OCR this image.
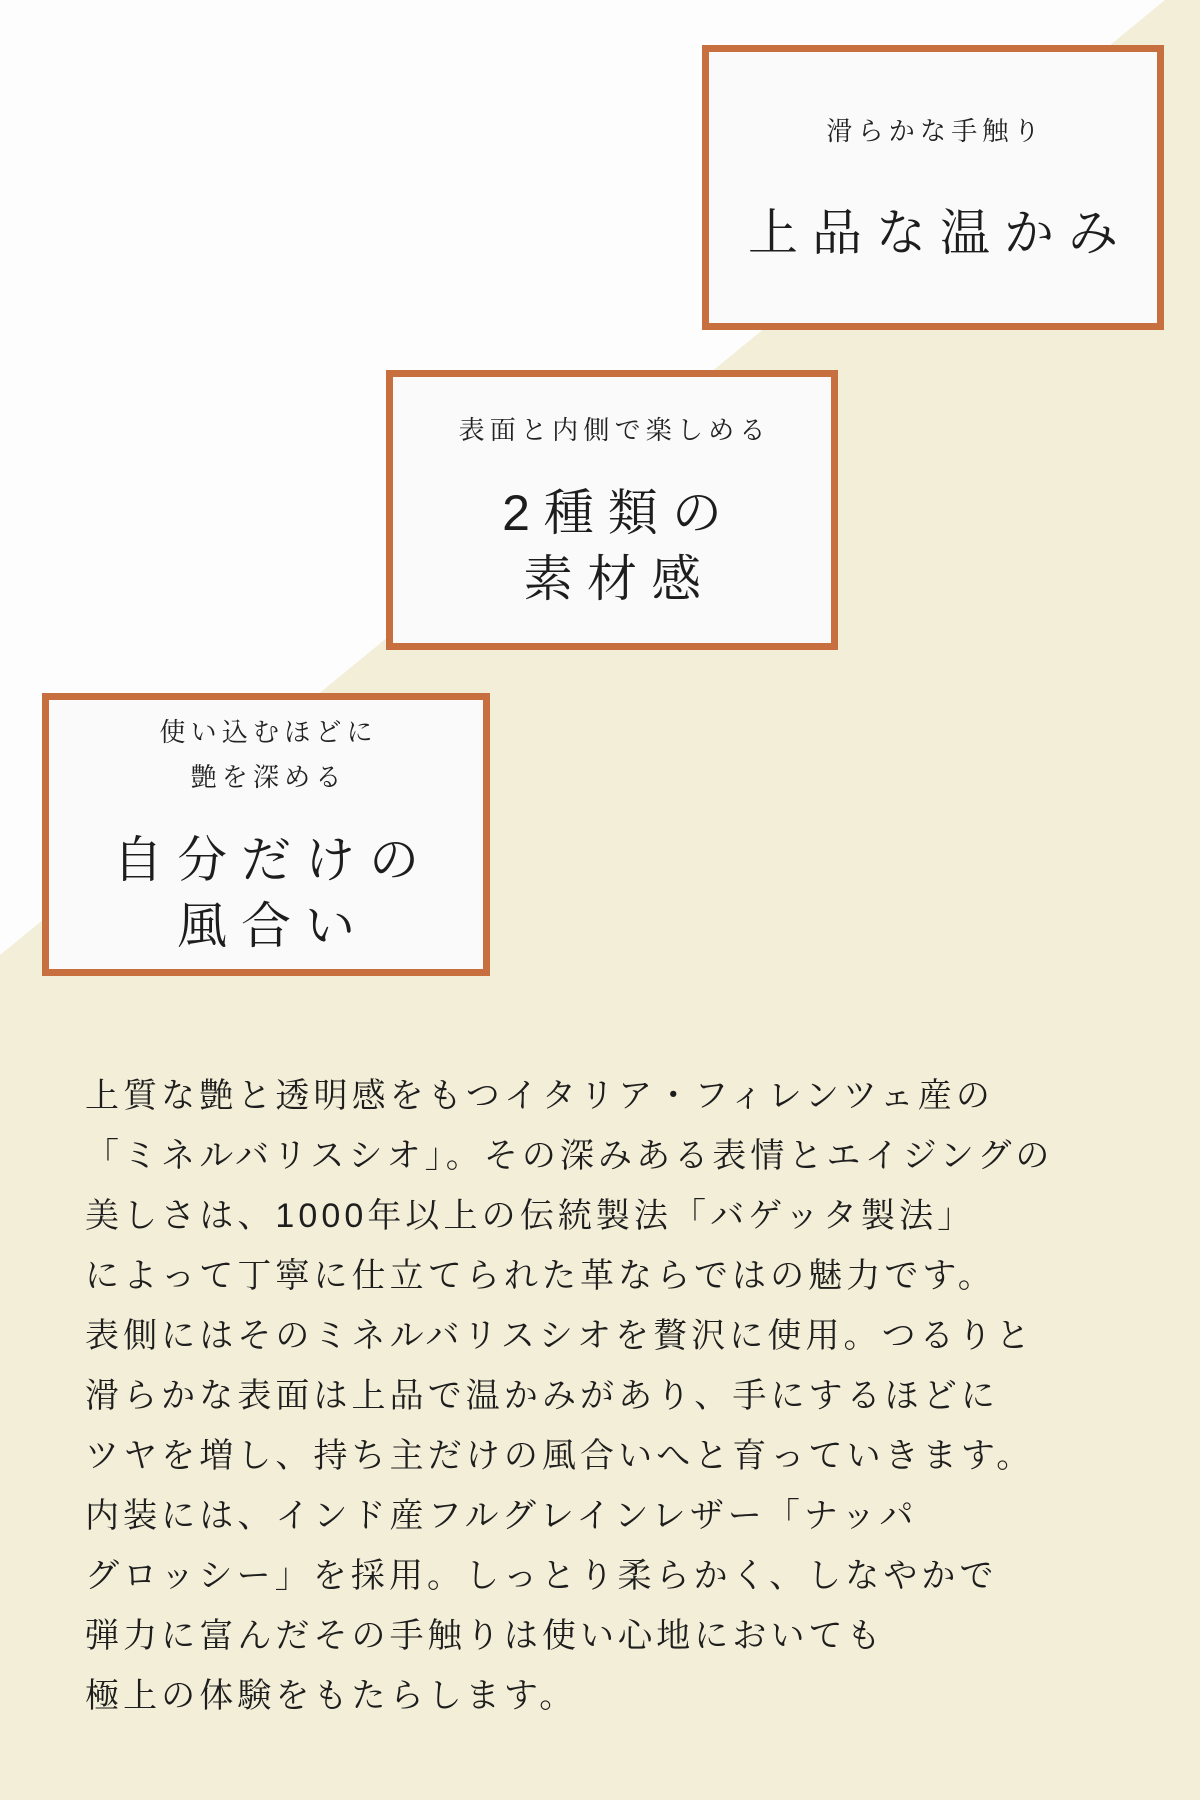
滑らかな手触り

上品な温かみ

表面と内側で楽しめる

2種類の
素材感

使い込むほどに
艶を深める

自分だけの
風合い
上質な艶と透明感をもつイタリア・フィレンツェ産の
「ミネルバリスシオ」。その深みある表情とエイジングの
美しさは、1000年以上の伝統製法「バゲッタ製法」
によって丁寧に仕立てられた革ならではの魅力です。
表側にはそのミネルバリスシオを贅沢に使用。つるりと
滑らかな表面は上品で温かみがあり、手にするほどに
ツヤを増し、持ち主だけの風合いへと育っていきます。
内装には、インド産フルグレインレザー「ナッパ
グロッシー」を採用。しっとり柔らかく、しなやかで
弾力に富んだその手触りは使い心地においても
極上の体験をもたらします。
